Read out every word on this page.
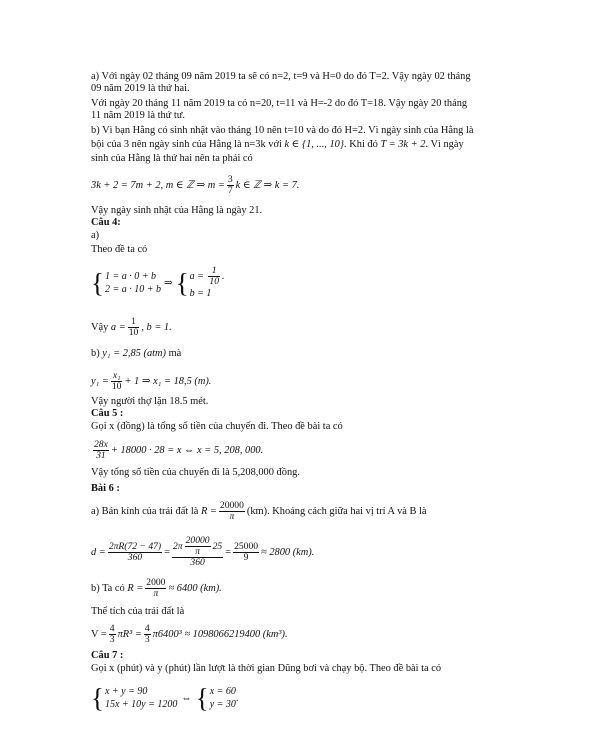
a) Với ngày 02 tháng 09 năm 2019 ta sẽ có n=2, t=9 và H=0 do đó T=2. Vậy ngày 02 tháng
09 năm 2019 là thứ hai.
Với ngày 20 tháng 11 năm 2019 ta có n=20, t=11 và H=-2 do đó T=18. Vậy ngày 20 tháng
11 năm 2019 là thứ tư.
b) Vì bạn Hằng có sinh nhật vào tháng 10 nên t=10 và do đó H=2. Vì ngày sinh của Hằng là
bội của 3 nên ngày sinh của Hằng là n=3k với k ∈ {1, ..., 10}. Khi đó T = 3k + 2. Vì ngày
sinh của Hằng là thứ hai nên ta phải có
3k + 2 = 7m + 2, m ∈ ℤ ⇒ $m = \frac{3}{7}$ k ∈ ℤ ⇒ k = 7.
Vậy ngày sinh nhật của Hằng là ngày 21.
Câu 4:
a)
Theo đề ta có
{ 1 = a · 0 + b
2 = a · 10 + b
⇒ { $a = \frac{1}{10}$ .
b = 1
Vậy
$a = \frac{1}{10}$ , b = 1.
b) y₁ = 2,85 (atm) mà
$y_1 = \frac{\text{x₁}}{10} + 1$ ⇒ x₁ = 18,5 (m).
Vậy người thợ lặn 18.5 mét.
Câu 5 :
Gọi x (đồng) là tổng số tiền của chuyến đi. Theo đề bài ta có
$\frac{28x}{31} + 18000 \cdot 28 = x$ ⇔ x = 5, 208, 000.
Vậy tổng số tiền của chuyến đi là 5,208,000 đồng.
Bài 6 :
a) Bán kính của trái đất là
$R = \frac{20000}{\pi} (km)$. Khoảng cách giữa hai vị trí A và B là
$d = \frac{2\pi R(72 - 47)}{360} = \frac{2\pi \frac{20000}{\pi} 25}{360} = \frac{25000}{9} \approx 2800$ (km).
b) Ta có
$R = \frac{2000}{\pi} \approx 6400$ (km).
Thể tích của trái đất là
$V = \frac{4}{3} \pi R^3 = \frac{4}{3} \pi 6400^3 \approx 1098066219400$ (km³).
Câu 7 :
Gọi x (phút) và y (phút) lần lượt là thời gian Dũng bơi và chạy bộ. Theo đề bài ta có
{ x + y = 90
15x + 10y = 1200
⇔ { x = 60
y = 30
.
